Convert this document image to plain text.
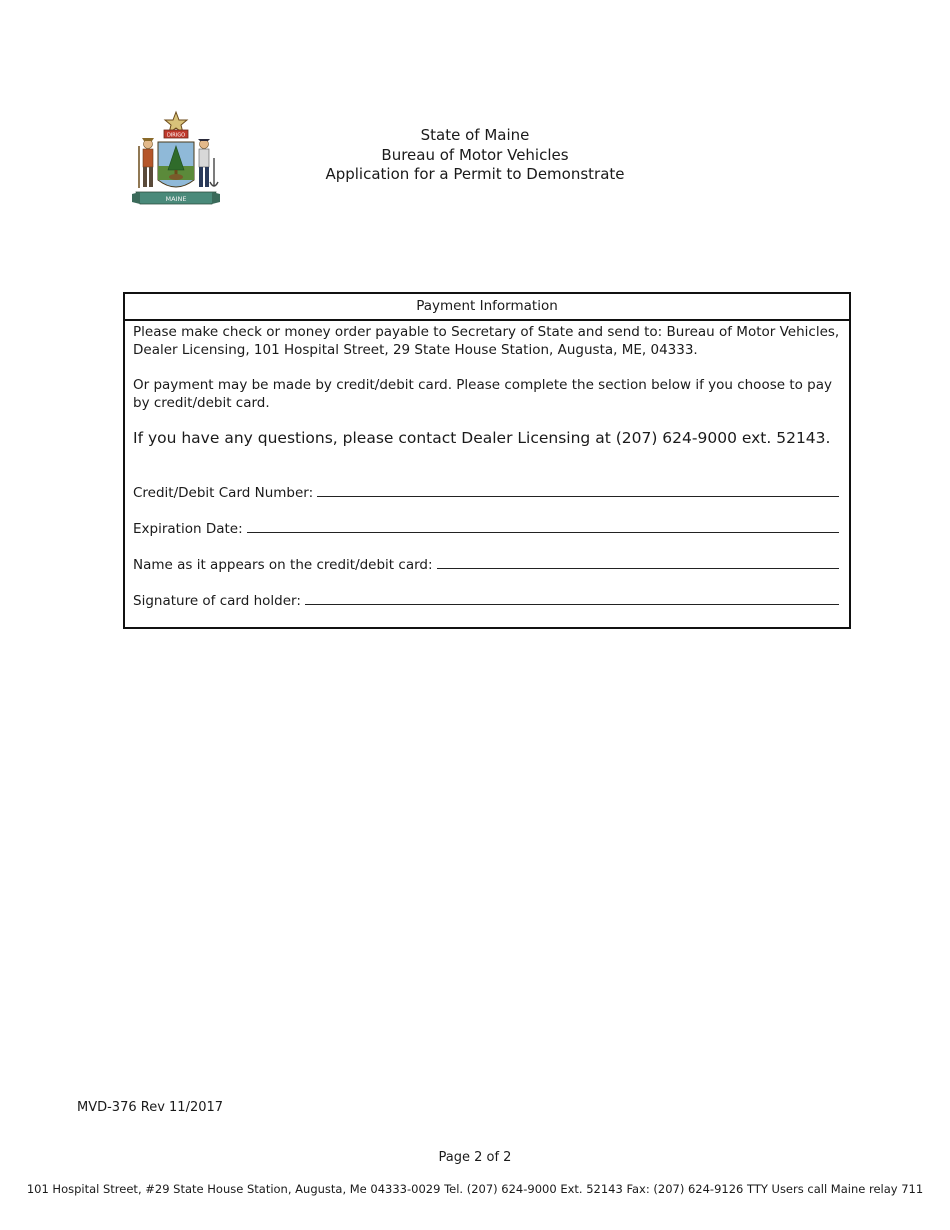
DIRIGO
MAINE
State of Maine
Bureau of Motor Vehicles
Application for a Permit to Demonstrate
Payment Information

Please make check or money order payable to Secretary of State and send to: Bureau of Motor Vehicles, Dealer Licensing, 101 Hospital Street, 29 State House Station, Augusta, ME, 04333.

Or payment may be made by credit/debit card. Please complete the section below if you choose to pay by credit/debit card.

If you have any questions, please contact Dealer Licensing at (207) 624-9000 ext. 52143.

Credit/Debit Card Number:
Expiration Date:
Name as it appears on the credit/debit card:
Signature of card holder:
MVD-376 Rev 11/2017
Page 2 of 2
101 Hospital Street, #29 State House Station, Augusta, Me 04333-0029 Tel. (207) 624-9000 Ext. 52143 Fax: (207) 624-9126 TTY Users call Maine relay 711
